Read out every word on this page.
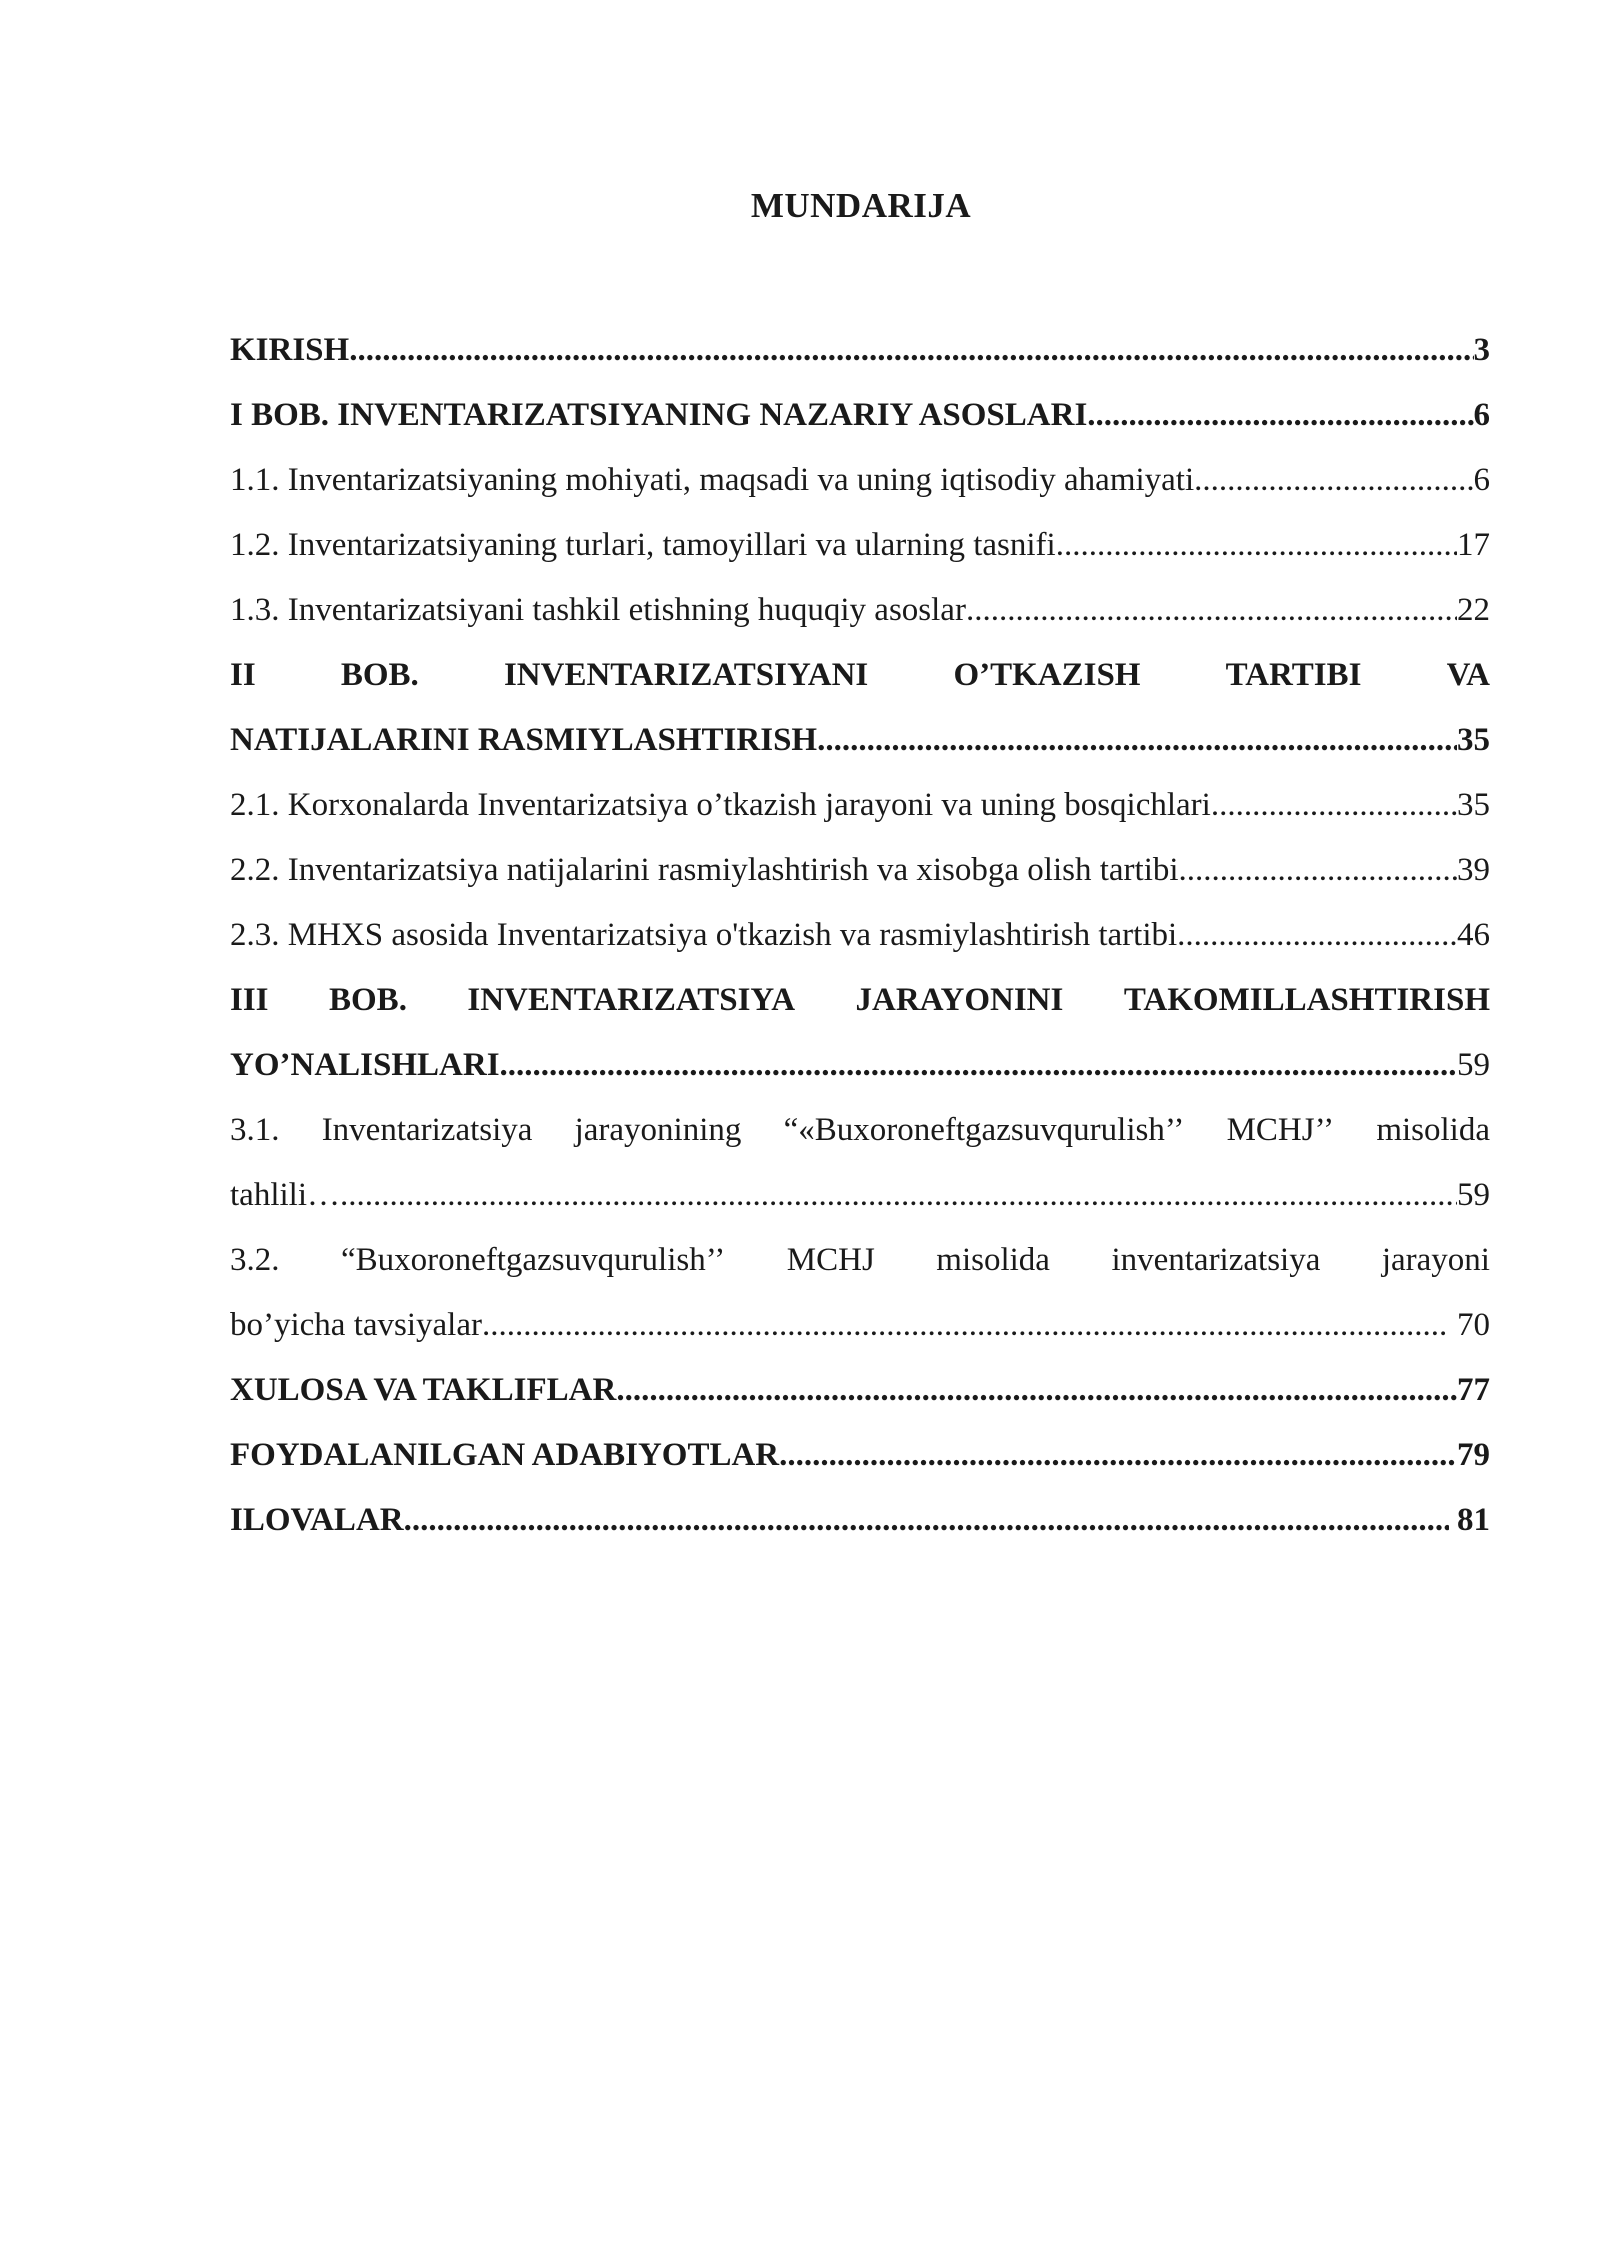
MUNDARIJA
KIRISH .....	3
I BOB. INVENTARIZATSIYANING NAZARIY ASOSLARI .....	6
1.1. Inventarizatsiyaning mohiyati, maqsadi va uning iqtisodiy ahamiyati .....	6
1.2. Inventarizatsiyaning turlari, tamoyillari va ularning tasnifi .....	17
1.3. Inventarizatsiyani tashkil etishning huquqiy asoslar .....	22
II	BOB.	INVENTARIZATSIYANI	O’TKAZISH	TARTIBI	VA
NATIJALARINI RASMIYLASHTIRISH .....	35
2.1. Korxonalarda Inventarizatsiya o’tkazish jarayoni va uning bosqichlari .....	35
2.2. Inventarizatsiya natijalarini rasmiylashtirish va xisobga olish tartibi .....	39
2.3. MHXS asosida Inventarizatsiya o'tkazish va rasmiylashtirish tartibi .....	46
III BOB. INVENTARIZATSIYA JARAYONINI TAKOMILLASHTIRISH
YO’NALISHLARI .....	59
3.1. Inventarizatsiya jarayonining “«Buxoroneftgazsuvqurulish’’ MCHJ’’ misolida
tahlili… .....	59
3.2. “Buxoroneftgazsuvqurulish’’ MCHJ misolida inventarizatsiya jarayoni
bo’yicha tavsiyalar .....	70
XULOSA VA TAKLIFLAR .....	77
FOYDALANILGAN ADABIYOTLAR .....	79
ILOVALAR .....	81
